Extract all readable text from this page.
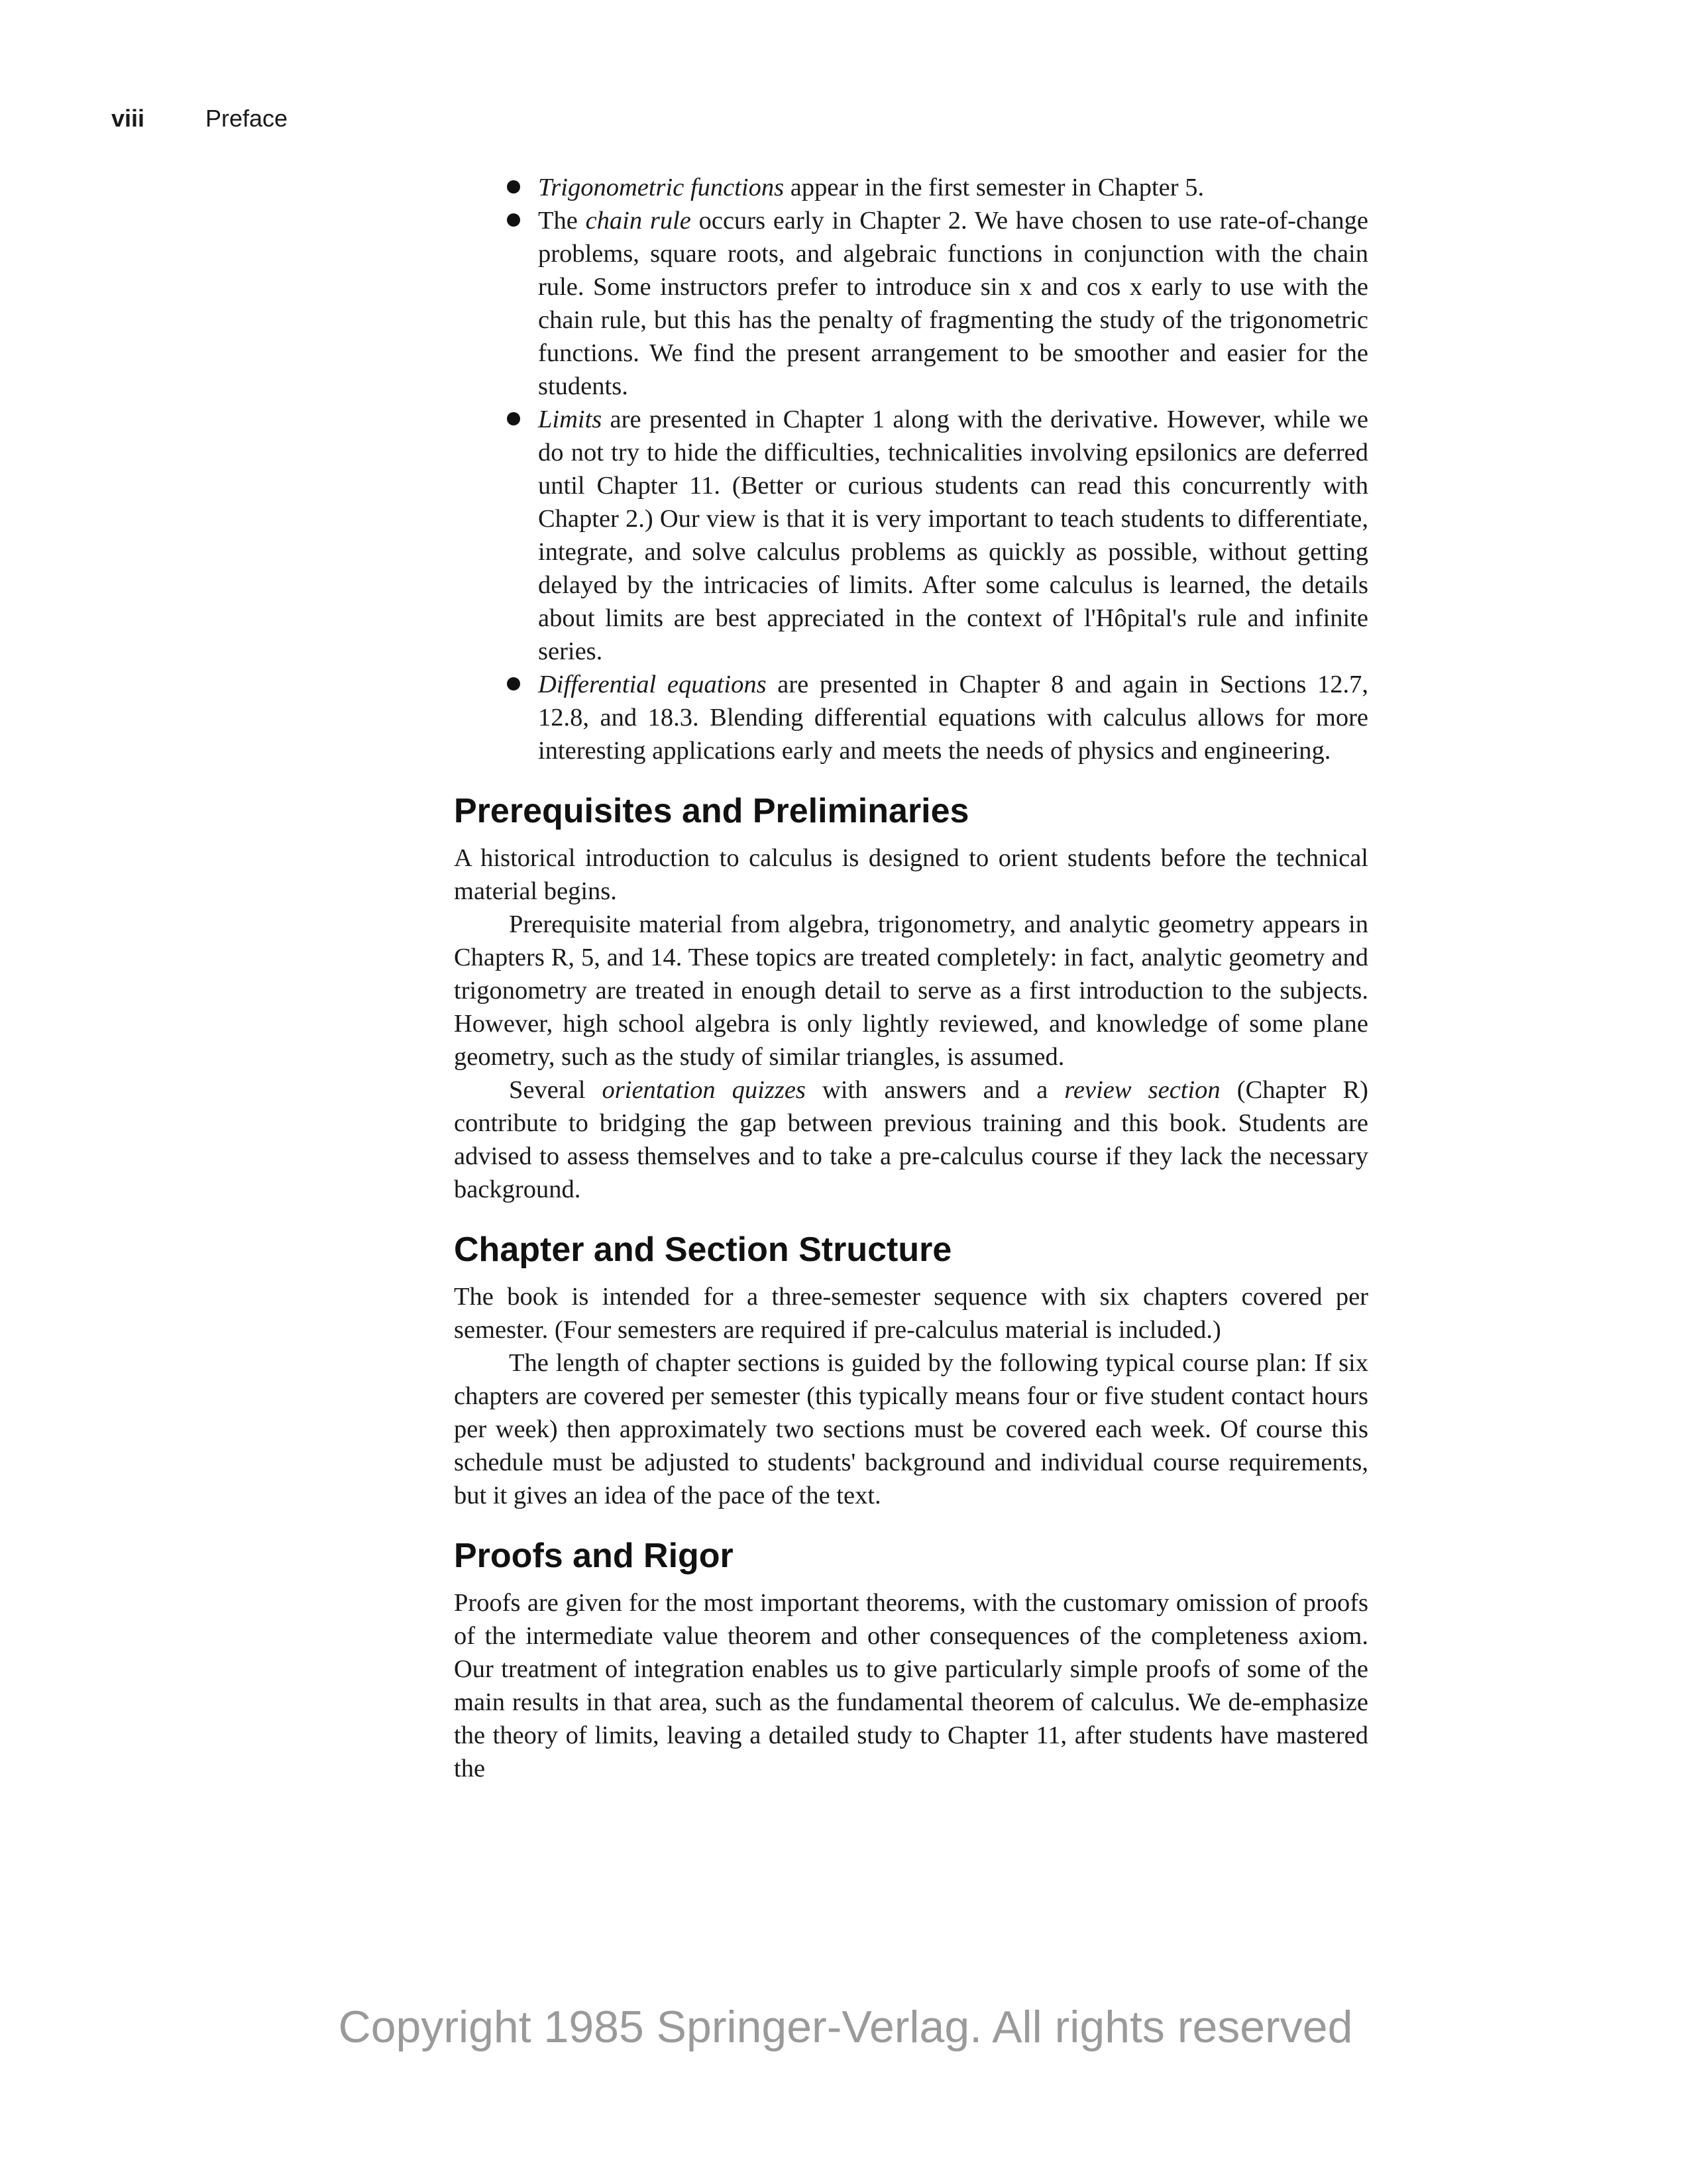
viii	Preface
Trigonometric functions appear in the first semester in Chapter 5.
The chain rule occurs early in Chapter 2. We have chosen to use rate-of-change problems, square roots, and algebraic functions in conjunction with the chain rule. Some instructors prefer to introduce sin x and cos x early to use with the chain rule, but this has the penalty of fragmenting the study of the trigonometric functions. We find the present arrangement to be smoother and easier for the students.
Limits are presented in Chapter 1 along with the derivative. However, while we do not try to hide the difficulties, technicalities involving epsilonics are deferred until Chapter 11. (Better or curious students can read this concurrently with Chapter 2.) Our view is that it is very important to teach students to differentiate, integrate, and solve calculus problems as quickly as possible, without getting delayed by the intricacies of limits. After some calculus is learned, the details about limits are best appreciated in the context of l'Hôpital's rule and infinite series.
Differential equations are presented in Chapter 8 and again in Sections 12.7, 12.8, and 18.3. Blending differential equations with calculus allows for more interesting applications early and meets the needs of physics and engineering.
Prerequisites and Preliminaries

A historical introduction to calculus is designed to orient students before the technical material begins.

Prerequisite material from algebra, trigonometry, and analytic geometry appears in Chapters R, 5, and 14. These topics are treated completely: in fact, analytic geometry and trigonometry are treated in enough detail to serve as a first introduction to the subjects. However, high school algebra is only lightly reviewed, and knowledge of some plane geometry, such as the study of similar triangles, is assumed.

Several orientation quizzes with answers and a review section (Chapter R) contribute to bridging the gap between previous training and this book. Students are advised to assess themselves and to take a pre-calculus course if they lack the necessary background.

Chapter and Section Structure

The book is intended for a three-semester sequence with six chapters covered per semester. (Four semesters are required if pre-calculus material is included.)

The length of chapter sections is guided by the following typical course plan: If six chapters are covered per semester (this typically means four or five student contact hours per week) then approximately two sections must be covered each week. Of course this schedule must be adjusted to students' background and individual course requirements, but it gives an idea of the pace of the text.

Proofs and Rigor

Proofs are given for the most important theorems, with the customary omission of proofs of the intermediate value theorem and other consequences of the completeness axiom. Our treatment of integration enables us to give particularly simple proofs of some of the main results in that area, such as the fundamental theorem of calculus. We de-emphasize the theory of limits, leaving a detailed study to Chapter 11, after students have mastered the

Copyright 1985 Springer-Verlag. All rights reserved
